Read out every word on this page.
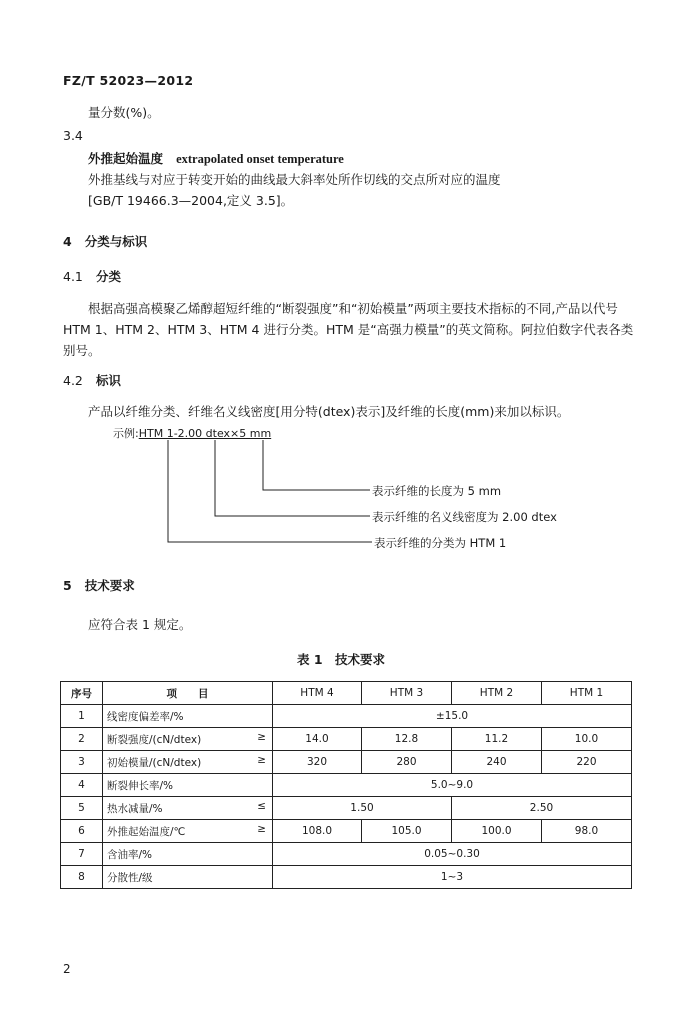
FZ/T 52023—2012
量分数(%)。
3.4
外推起始温度 extrapolated onset temperature
外推基线与对应于转变开始的曲线最大斜率处所作切线的交点所对应的温度
[GB/T 19466.3—2004,定义 3.5]。
4 分类与标识
4.1 分类
根据高强高模聚乙烯醇超短纤维的“断裂强度”和“初始模量”两项主要技术指标的不同,产品以代号 HTM 1、HTM 2、HTM 3、HTM 4 进行分类。HTM 是“高强力模量”的英文简称。阿拉伯数字代表各类别号。
4.2 标识
产品以纤维分类、纤维名义线密度[用分特(dtex)表示]及纤维的长度(mm)来加以标识。
示例:HTM 1-2.00 dtex×5 mm
表示纤维的长度为 5 mm
表示纤维的名义线密度为 2.00 dtex
表示纤维的分类为 HTM 1
5 技术要求
应符合表 1 规定。
表 1　技术要求
序号	项　　目	HTM 4	HTM 3	HTM 2	HTM 1
1	线密度偏差率/%	±15.0			
2	断裂强度/(cN/dtex) ≥	14.0	12.8	11.2	10.0
3	初始模量/(cN/dtex) ≥	320	280	240	220
4	断裂伸长率/%	5.0~9.0			
5	热水减量/% ≤	1.50		2.50	
6	外推起始温度/℃ ≥	108.0	105.0	100.0	98.0
7	含油率/%	0.05~0.30			
8	分散性/级	1~3			
2
